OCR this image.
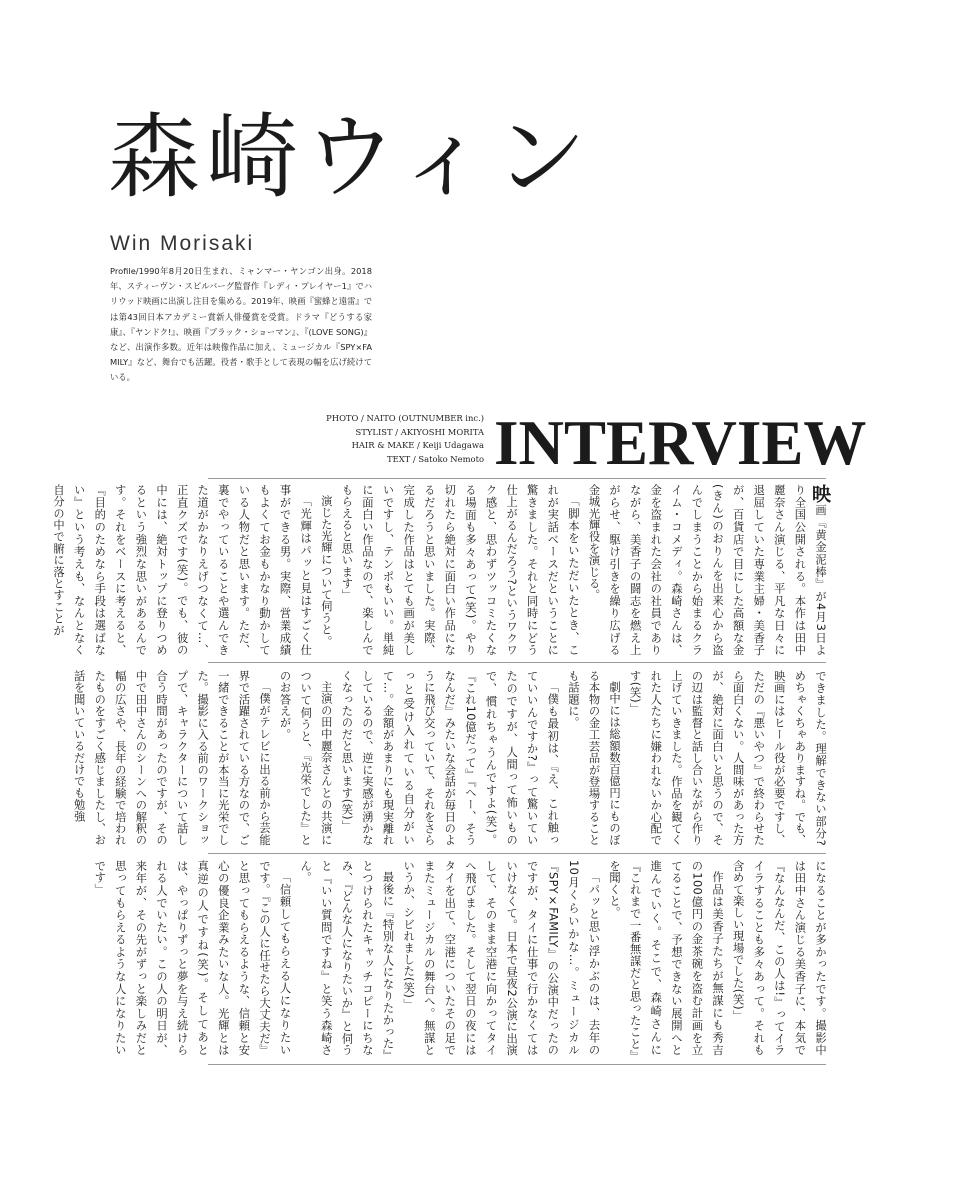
森崎ウィン

Win Morisaki

Profile/1990年8月20日生まれ、ミャンマー・ヤンゴン出身。2018年、スティーヴン・スピルバーグ監督作『レディ・プレイヤー1』でハリウッド映画に出演し注目を集める。2019年、映画『蜜蜂と遠雷』では第43回日本アカデミー賞新人俳優賞を受賞。ドラマ『どうする家康』、『ヤンドク!』、映画『ブラック・ショーマン』、『(LOVE SONG)』など、出演作多数。近年は映像作品に加え、ミュージカル『SPY×FAMILY』など、舞台でも活躍。役者・歌手として表現の幅を広げ続けている。

PHOTO / NAITO (OUTNUMBER inc.)
STYLIST / AKIYOSHI MORITA
HAIR & MAKE / Keiji Udagawa
TEXT / Satoko Nemoto INTERVIEW

映画『黄金泥棒』が4月3日より全国公開される。本作は田中麗奈さん演じる、平凡な日々に退屈していた専業主婦・美香子が、百貨店で目にした高額な金(きん)のおりんを出来心から盗んでしまうことから始まるクライム・コメディ。森崎さんは、金を盗まれた会社の社員でありながら、美香子の闘志を燃え上がらせ、駆け引きを繰り広げる金城光輝役を演じる。

「脚本をいただいたとき、これが実話ベースだということに驚きました。それと同時にどう仕上がるんだろう?というワクワク感と、思わずツッコミたくなる場面も多々あって(笑)。やり切れたら絶対に面白い作品になるだろうと思いました。実際、完成した作品はとても画が美しいですし、テンポもいい。単純に面白い作品なので、楽しんでもらえると思います」

演じた光輝について伺うと。

「光輝はパッと見はすごく仕事ができる男。実際、営業成績もよくてお金もかなり動かしている人物だと思います。ただ、裏でやっていることや選んできた道がかなりえげつなくて…、正直クズです(笑)。でも、彼の中には、絶対トップに登りつめるという強烈な思いがあるんです。それをベースに考えると、『目的のためなら手段は選ばない』という考えも、なんとなく自分の中で腑に落とすことが

できました。理解できない部分?めちゃくちゃありますね。でも、映画にはヒール役が必要ですし、ただの『悪いやつ』で終わらせたら面白くない。人間味があった方が、絶対に面白いと思うので、その辺は監督と話し合いながら作り上げていきました。作品を観てくれた人たちに嫌われないか心配です(笑)」

劇中には総額数百億円にものぼる本物の金工芸品が登場することも話題に。

「僕も最初は、『え、これ触っていいんですか?』って驚いていたのですが、人間って怖いもので、慣れちゃうんですよ(笑)。『これ10億だって』『へー、そうなんだ』みたいな会話が毎日のように飛び交っていて、それをさらっと受け入れている自分がいて…。金額があまりにも現実離れしているので、逆に実感が湧かなくなったのだと思います(笑)」

主演の田中麗奈さんとの共演について伺うと、『光栄でした』とのお答えが。

「僕がテレビに出る前から芸能界で活躍されている方なので、ご一緒できることが本当に光栄でした。撮影に入る前のワークショップで、キャラクターについて話し合う時間があったのですが、その中で田中さんのシーンへの解釈の幅の広さや、長年の経験で培われたものをすごく感じましたし、お話を聞いているだけでも勉強

になることが多かったです。撮影中は田中さん演じる美香子に、本気で『なんなんだ、この人は!』ってイライラすることも多々あって。それも含めて楽しい現場でした(笑)」

作品は美香子たちが無謀にも秀吉の100億円の金茶碗を盗む計画を立てることで、予想できない展開へと進んでいく。そこで、森崎さんに『これまで一番無謀だと思ったこと』を聞くと。

「パッと思い浮かぶのは、去年の10月くらいかな…。ミュージカル『SPY×FAMILY』の公演中だったのですが、タイに仕事で行かなくてはいけなくて。日本で昼夜2公演に出演して、そのまま空港に向かってタイへ飛びました。そして翌日の夜にはタイを出て、空港についたその足でまたミュージカルの舞台へ。無謀というか、シビれました(笑)」

最後に『特別な人になりたかった』とつけられたキャッチコピーにちなみ、『どんな人になりたいか』と伺うと『いい質問ですね』と笑う森崎さん。

「信頼してもらえる人になりたいです。『この人に任せたら大丈夫だ』と思ってもらえるような、信頼と安心の優良企業みたいな人。光輝とは真逆の人ですね(笑)。そしてあとは、やっぱりずっと夢を与え続けられる人でいたい。この人の明日が、来年が、その先がずっと楽しみだと思ってもらえるような人になりたいです」
